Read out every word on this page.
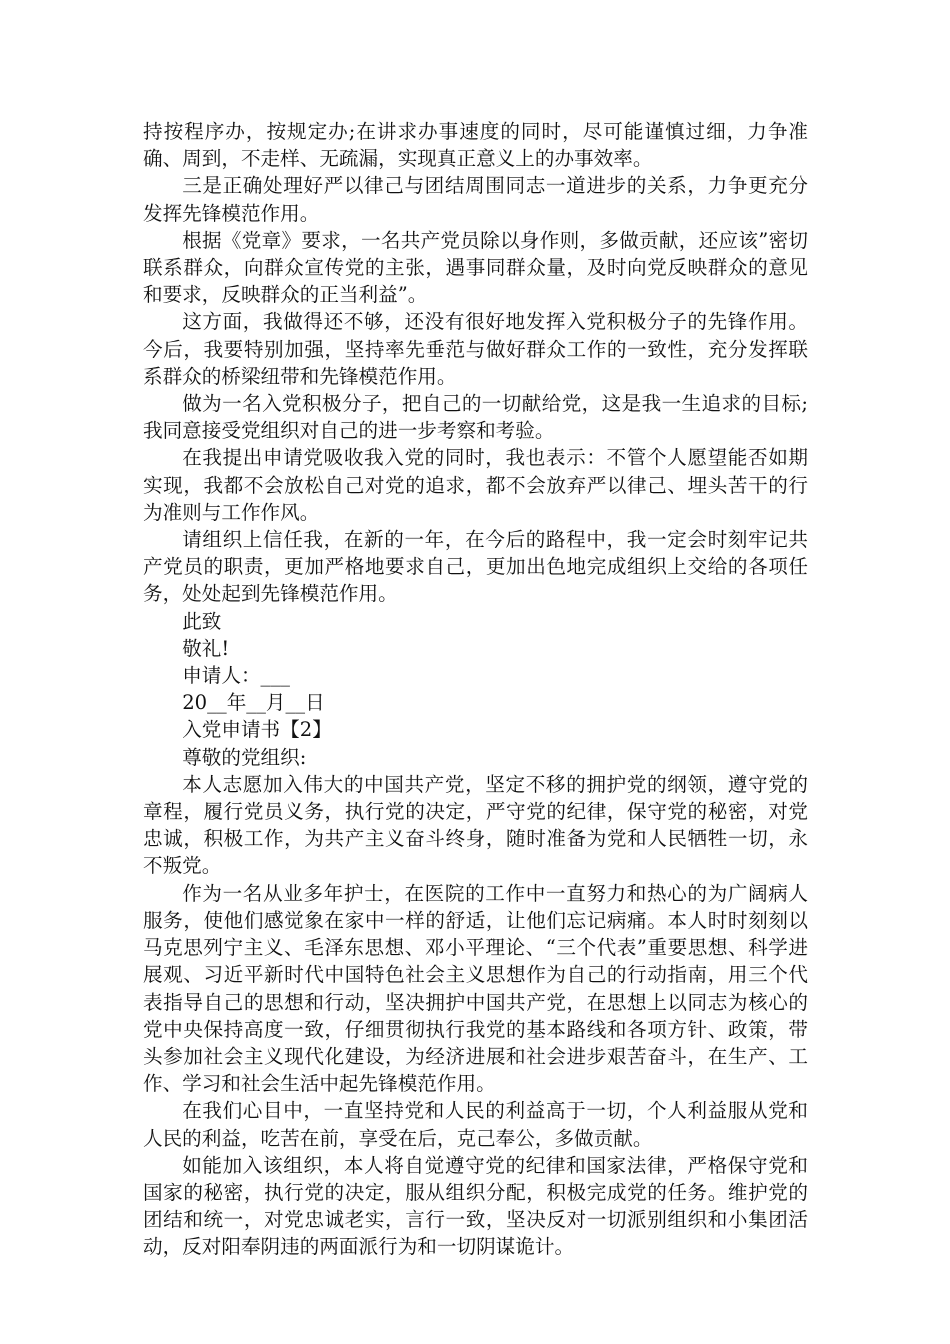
持按程序办，按规定办;在讲求办事速度的同时，尽可能谨慎过细，力争准确、周到，不走样、无疏漏，实现真正意义上的办事效率。

三是正确处理好严以律己与团结周围同志一道进步的关系，力争更充分发挥先锋模范作用。

根据《党章》要求，一名共产党员除以身作则，多做贡献，还应该”密切联系群众，向群众宣传党的主张，遇事同群众量，及时向党反映群众的意见和要求，反映群众的正当利益”。

这方面，我做得还不够，还没有很好地发挥入党积极分子的先锋作用。今后，我要特别加强，坚持率先垂范与做好群众工作的一致性，充分发挥联系群众的桥梁纽带和先锋模范作用。

做为一名入党积极分子，把自己的一切献给党，这是我一生追求的目标;我同意接受党组织对自己的进一步考察和考验。

在我提出申请党吸收我入党的同时，我也表示：不管个人愿望能否如期实现，我都不会放松自己对党的追求，都不会放弃严以律己、埋头苦干的行为准则与工作作风。

请组织上信任我，在新的一年，在今后的路程中，我一定会时刻牢记共产党员的职责，更加严格地要求自己，更加出色地完成组织上交给的各项任务，处处起到先锋模范作用。

此致

敬礼!

申请人：___

20__年__月__日

入党申请书【2】

尊敬的党组织:

本人志愿加入伟大的中国共产党，坚定不移的拥护党的纲领，遵守党的章程，履行党员义务，执行党的决定，严守党的纪律，保守党的秘密，对党忠诚，积极工作，为共产主义奋斗终身，随时准备为党和人民牺牲一切，永不叛党。

作为一名从业多年护士，在医院的工作中一直努力和热心的为广阔病人服务，使他们感觉象在家中一样的舒适，让他们忘记病痛。本人时时刻刻以马克思列宁主义、毛泽东思想、邓小平理论、“三个代表”重要思想、科学进展观、习近平新时代中国特色社会主义思想作为自己的行动指南，用三个代表指导自己的思想和行动，坚决拥护中国共产党，在思想上以同志为核心的党中央保持高度一致，仔细贯彻执行我党的基本路线和各项方针、政策，带头参加社会主义现代化建设，为经济进展和社会进步艰苦奋斗，在生产、工作、学习和社会生活中起先锋模范作用。

在我们心目中，一直坚持党和人民的利益高于一切，个人利益服从党和人民的利益，吃苦在前，享受在后，克己奉公，多做贡献。

如能加入该组织，本人将自觉遵守党的纪律和国家法律，严格保守党和国家的秘密，执行党的决定，服从组织分配，积极完成党的任务。维护党的团结和统一，对党忠诚老实，言行一致，坚决反对一切派别组织和小集团活动，反对阳奉阴违的两面派行为和一切阴谋诡计。
